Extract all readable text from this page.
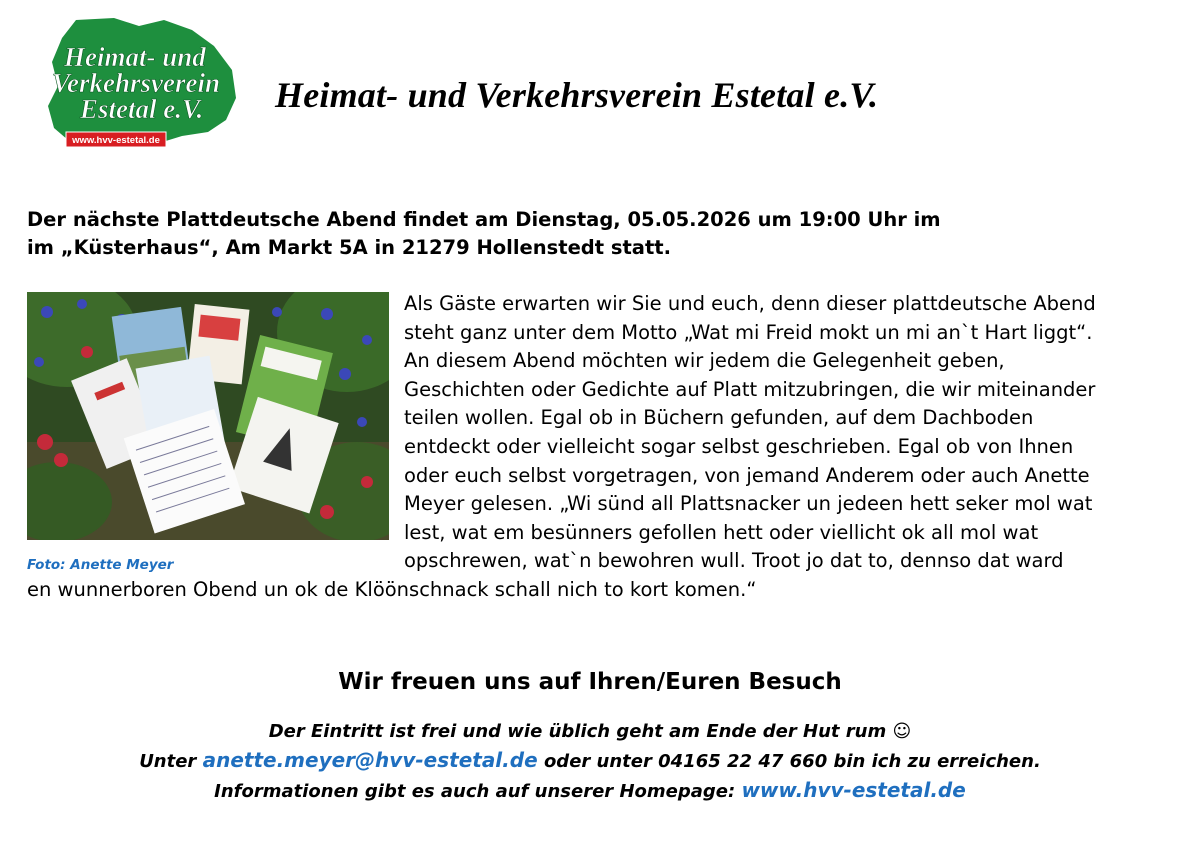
Heimat- und
Verkehrsverein
Estetal e.V.
www.hvv-estetal.de
Heimat- und Verkehrsverein Estetal e.V.

Der nächste Plattdeutsche Abend findet am Dienstag, 05.05.2026 um 19:00 Uhr im
im „Küsterhaus“, Am Markt 5A in 21279 Hollenstedt statt.

Foto: Anette Meyer
Als Gäste erwarten wir Sie und euch, denn dieser plattdeutsche Abend
steht ganz unter dem Motto „Wat mi Freid mokt un mi an`t Hart liggt“.
An diesem Abend möchten wir jedem die Gelegenheit geben,
Geschichten oder Gedichte auf Platt mitzubringen, die wir miteinander
teilen wollen. Egal ob in Büchern gefunden, auf dem Dachboden
entdeckt oder vielleicht sogar selbst geschrieben. Egal ob von Ihnen
oder euch selbst vorgetragen, von jemand Anderem oder auch Anette
Meyer gelesen. „Wi sünd all Plattsnacker un jedeen hett seker mol wat
lest, wat em besünners gefollen hett oder viellicht ok all mol wat
opschrewen, wat`n bewohren wull. Troot jo dat to, dennso dat ward
en wunnerboren Obend un ok de Klöönschnack schall nich to kort komen.“
Wir freuen uns auf Ihren/Euren Besuch
Der Eintritt ist frei und wie üblich geht am Ende der Hut rum ☺
Unter anette.meyer@hvv-estetal.de oder unter 04165 22 47 660 bin ich zu erreichen.
Informationen gibt es auch auf unserer Homepage: www.hvv-estetal.de
